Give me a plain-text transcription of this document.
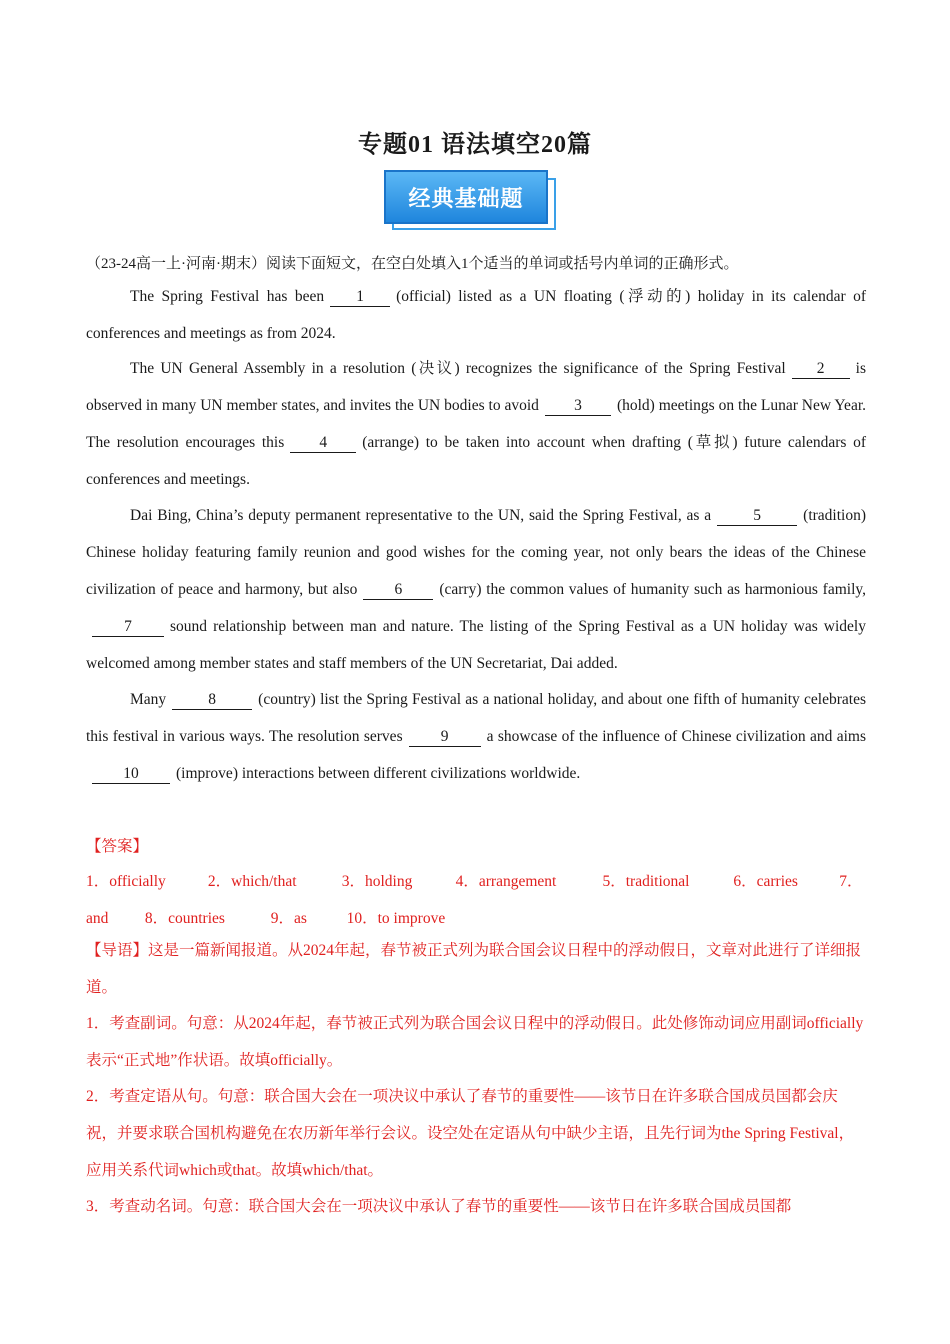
专题01 语法填空20篇
经典基础题
（23-24高一上·河南·期末）阅读下面短文，在空白处填入1个适当的单词或括号内单词的正确形式。
The Spring Festival has been 1 (official) listed as a UN floating (浮动的) holiday in its calendar of conferences and meetings as from 2024.
The UN General Assembly in a resolution (决议) recognizes the significance of the Spring Festival 2 is observed in many UN member states, and invites the UN bodies to avoid 3 (hold) meetings on the Lunar New Year. The resolution encourages this 4 (arrange) to be taken into account when drafting (草拟) future calendars of conferences and meetings.
Dai Bing, China’s deputy permanent representative to the UN, said the Spring Festival, as a	5	(tradition) Chinese holiday featuring family reunion and good wishes for the coming year, not only bears the ideas of the Chinese civilization of peace and harmony, but also 6 (carry) the common values of humanity such as harmonious family,7 sound relationship between man and nature. The listing of the Spring Festival as a UN holiday was widely welcomed among member states and staff members of the UN Secretariat, Dai added.
Many	8	(country) list the Spring Festival as a national holiday, and about one fifth of humanity celebrates this festival in various ways. The resolution serves 9 a showcase of the influence of Chinese civilization and aims10 (improve) interactions between different civilizations worldwide.
【答案】
1．officially	2．which/that	3．holding	4．arrangement	5．traditional	6．carries	7．
and 8．countries	9．as	10．to improve
【导语】这是一篇新闻报道。从2024年起，春节被正式列为联合国会议日程中的浮动假日，文章对此进行了详细报道。
1．考查副词。句意：从2024年起，春节被正式列为联合国会议日程中的浮动假日。此处修饰动词应用副词officially表示“正式地”作状语。故填officially。
2．考查定语从句。句意：联合国大会在一项决议中承认了春节的重要性——该节日在许多联合国成员国都会庆祝，并要求联合国机构避免在农历新年举行会议。设空处在定语从句中缺少主语，且先行词为the Spring Festival，应用关系代词which或that。故填which/that。
3．考查动名词。句意：联合国大会在一项决议中承认了春节的重要性——该节日在许多联合国成员国都
